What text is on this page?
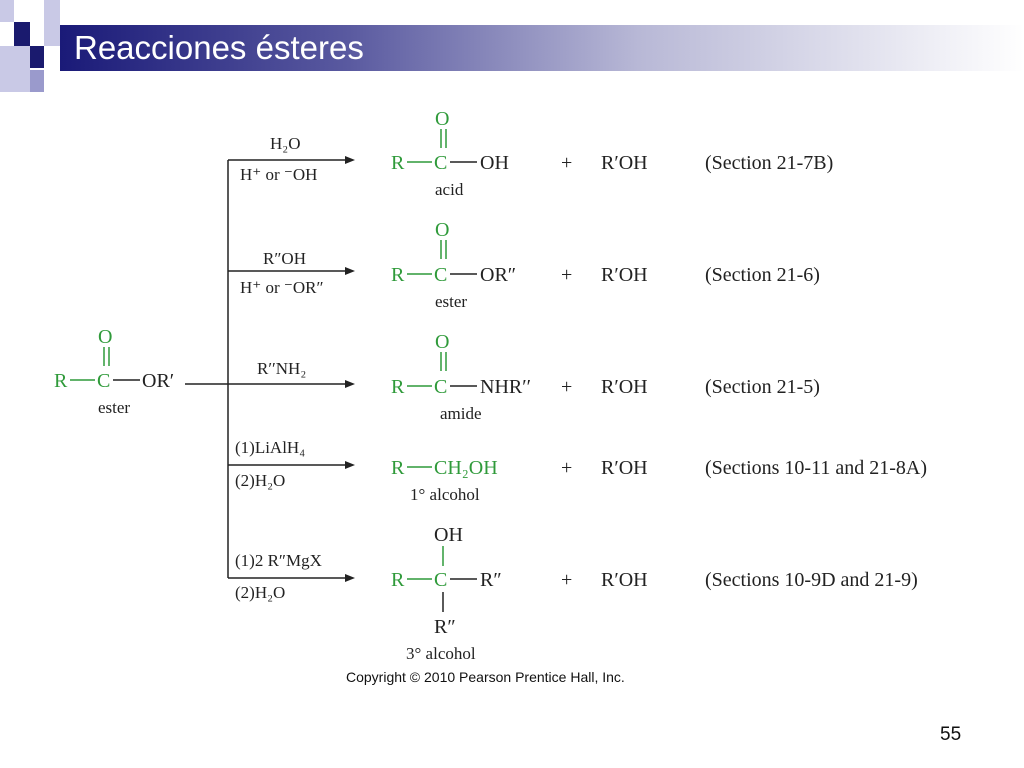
Reacciones ésteres
O
R C OR′
ester
H₂O
H⁺ or ⁻OH
O
R C OH
acid
+ R′OH	(Section 21-7B)
R″OH
H⁺ or ⁻OR″
O
R C OR″
ester
+ R′OH	(Section 21-6)
R′′NH₂
O
R C NHR′′
amide
+ R′OH	(Section 21-5)
(1)LiAlH₄
(2)H₂O
R CH₂OH
1° alcohol
+ R′OH	(Sections 10-11 and 21-8A)
(1)2 R″MgX
(2)H₂O
OH
R C R″
R″
3° alcohol
+ R′OH	(Sections 10-9D and 21-9)
Copyright © 2010 Pearson Prentice Hall, Inc.
55
